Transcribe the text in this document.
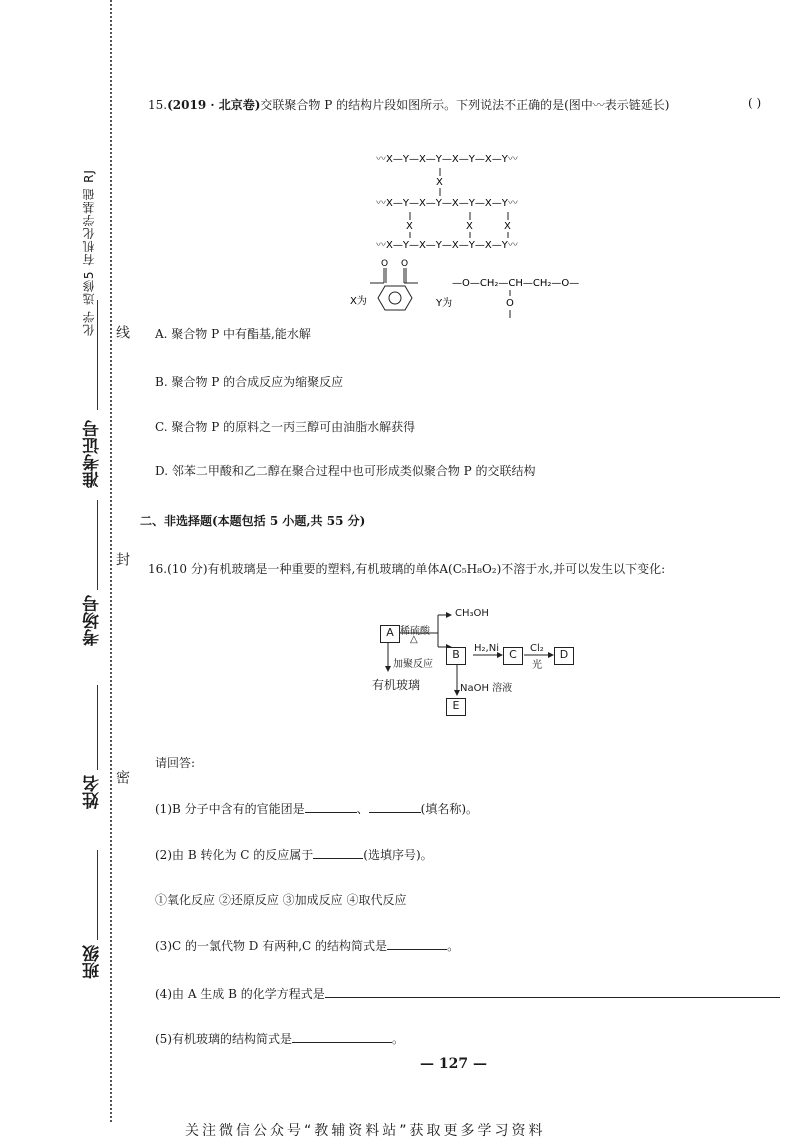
化学 选修5 有机化学基础 RJ
准考证号
考场号
姓名
班级
线
封
密
15.(2019 · 北京卷)交联聚合物 P 的结构片段如图所示。下列说法不正确的是(图中〰表示链延长)	( )
〰X—Y—X—Y—X—Y—X—Y〰
X
〰X—Y—X—Y—X—Y—X—Y〰
X	X	X
〰X—Y—X—Y—X—Y—X—Y〰
X为
O O
Y为
—O—CH₂—CH—CH₂—O—
O
A. 聚合物 P 中有酯基,能水解
B. 聚合物 P 的合成反应为缩聚反应
C. 聚合物 P 的原料之一丙三醇可由油脂水解获得
D. 邻苯二甲酸和乙二醇在聚合过程中也可形成类似聚合物 P 的交联结构
二、非选择题(本题包括 5 小题,共 55 分)
16.(10 分)有机玻璃是一种重要的塑料,有机玻璃的单体A(C₅H₈O₂)不溶于水,并可以发生以下变化:
A
B	C	D
E
CH₃OH
稀硫酸
△
H₂,Ni	Cl₂
光
加聚反应
有机玻璃	NaOH 溶液
请回答:
(1)B 分子中含有的官能团是	、	(填名称)。
(2)由 B 转化为 C 的反应属于	(选填序号)。
①氧化反应 ②还原反应 ③加成反应 ④取代反应
(3)C 的一氯代物 D 有两种,C 的结构简式是	。
(4)由 A 生成 B 的化学方程式是
(5)有机玻璃的结构简式是	。
— 127 —
关注微信公众号“教辅资料站”获取更多学习资料
